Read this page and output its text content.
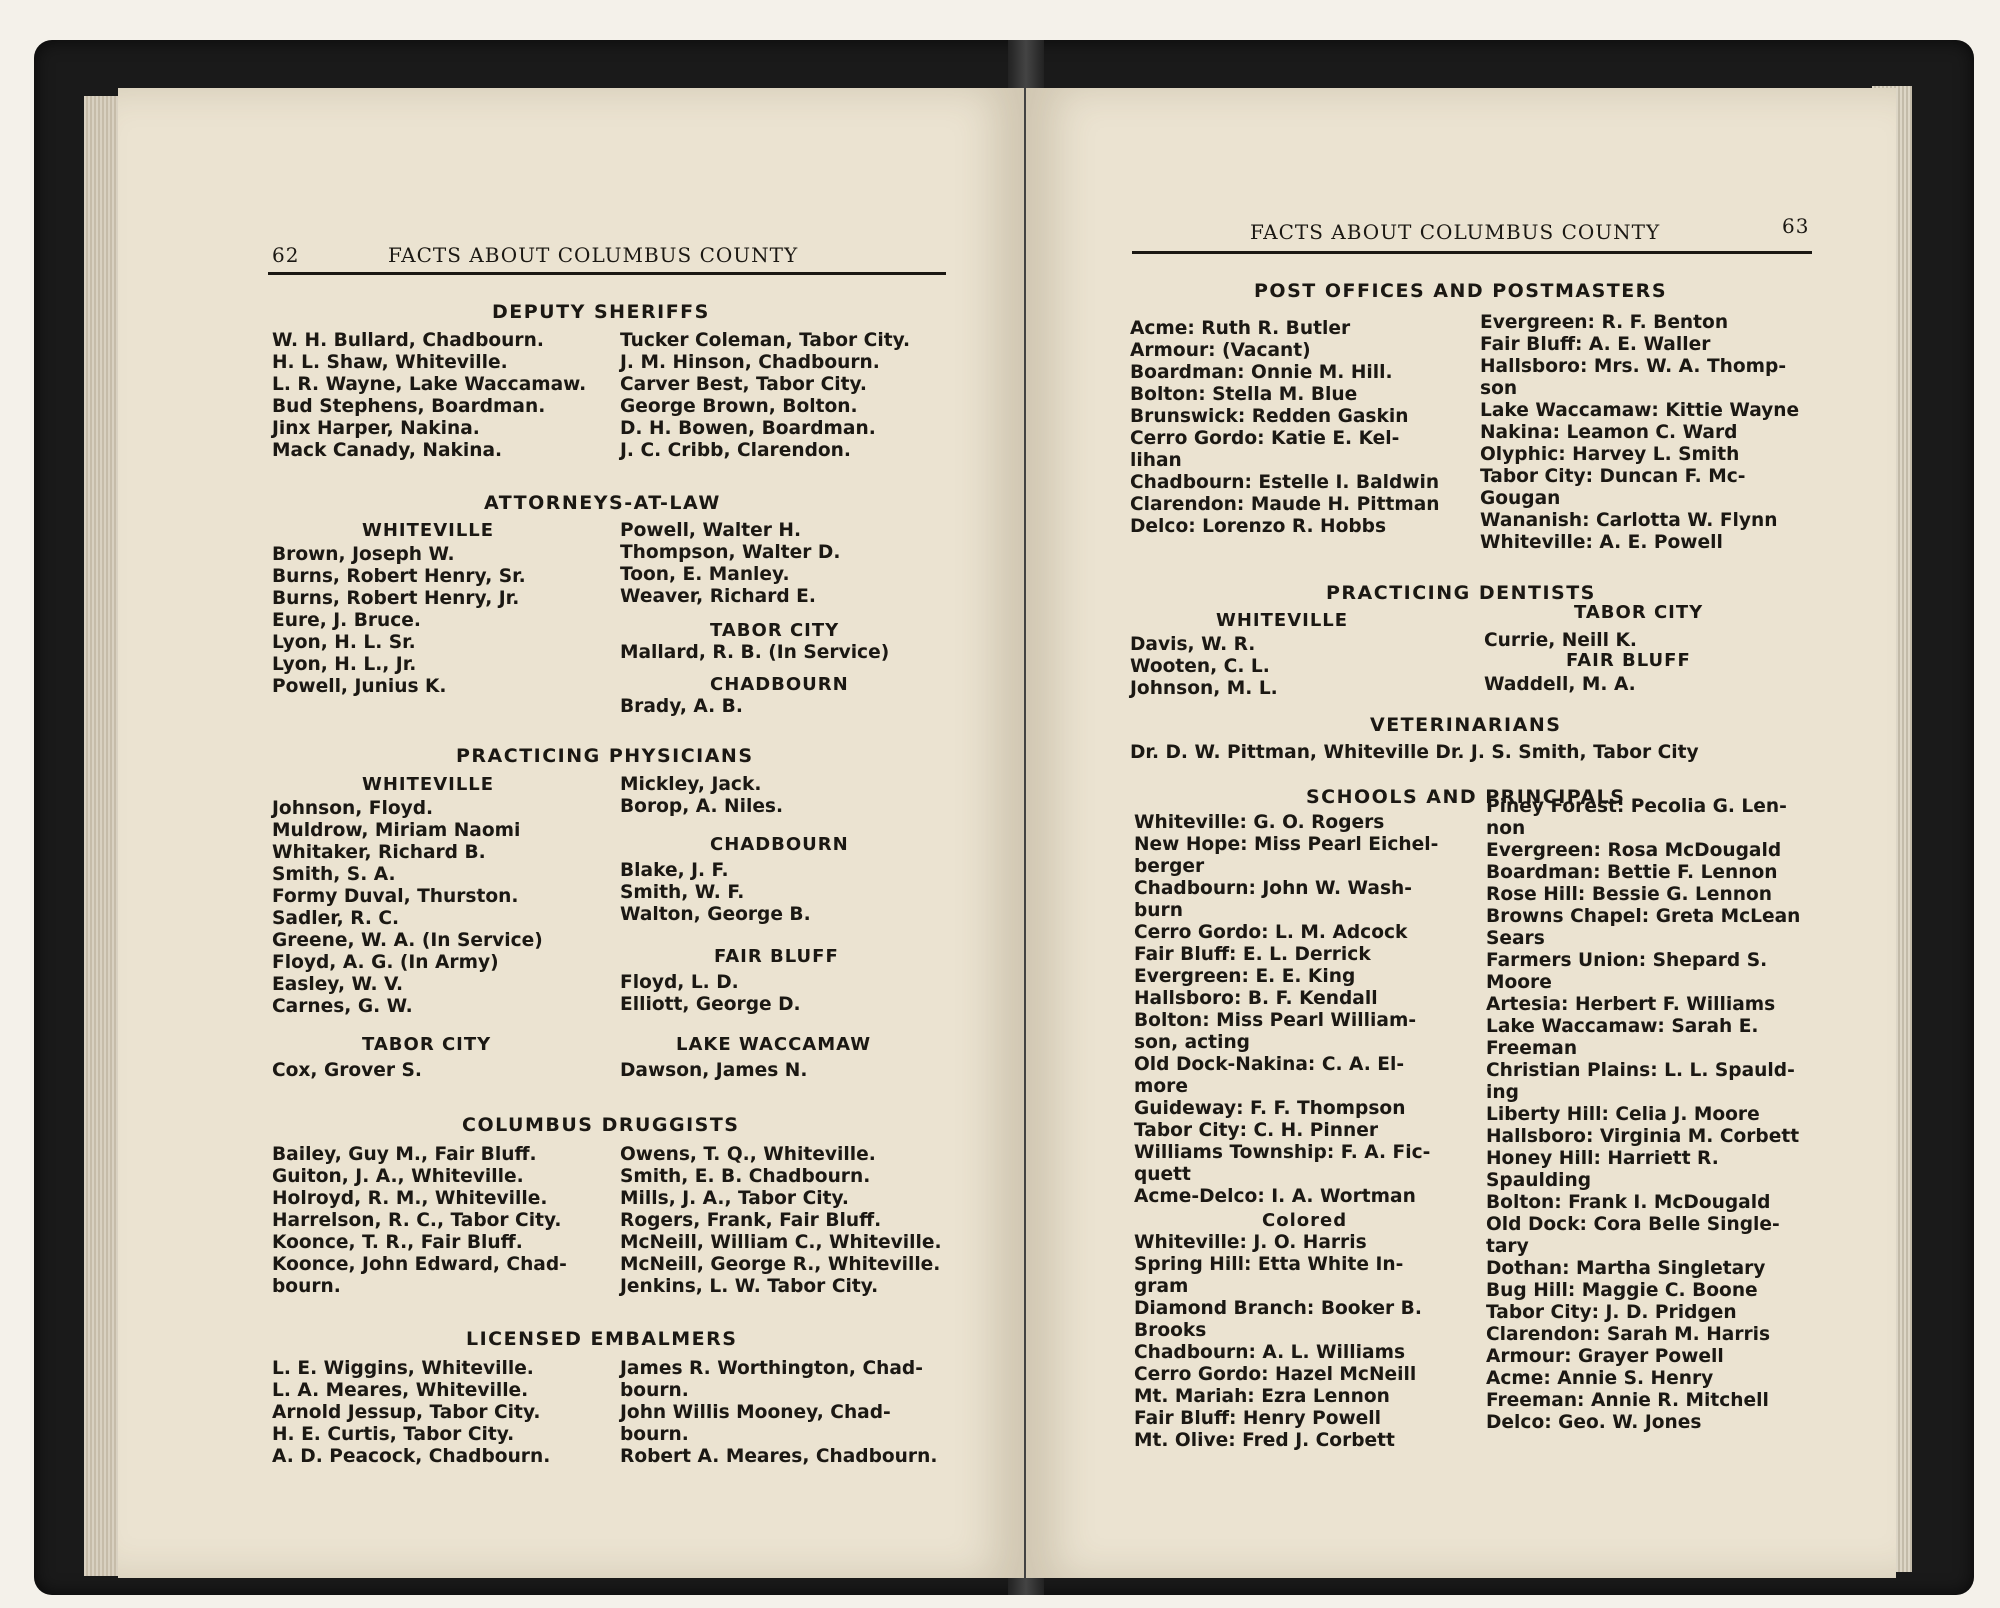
62	FACTS ABOUT COLUMBUS COUNTY
DEPUTY SHERIFFS
W. H. Bullard, Chadbourn.
H. L. Shaw, Whiteville.
L. R. Wayne, Lake Waccamaw.
Bud Stephens, Boardman.
Jinx Harper, Nakina.
Mack Canady, Nakina.
Tucker Coleman, Tabor City.
J. M. Hinson, Chadbourn.
Carver Best, Tabor City.
George Brown, Bolton.
D. H. Bowen, Boardman.
J. C. Cribb, Clarendon.
ATTORNEYS-AT-LAW
WHITEVILLE
Brown, Joseph W.
Burns, Robert Henry, Sr.
Burns, Robert Henry, Jr.
Eure, J. Bruce.
Lyon, H. L. Sr.
Lyon, H. L., Jr.
Powell, Junius K.
Powell, Walter H.
Thompson, Walter D.
Toon, E. Manley.
Weaver, Richard E.
TABOR CITY
Mallard, R. B. (In Service)
CHADBOURN
Brady, A. B.
PRACTICING PHYSICIANS
WHITEVILLE
Johnson, Floyd.
Muldrow, Miriam Naomi
Whitaker, Richard B.
Smith, S. A.
Formy Duval, Thurston.
Sadler, R. C.
Greene, W. A. (In Service)
Floyd, A. G. (In Army)
Easley, W. V.
Carnes, G. W.
Mickley, Jack.
Borop, A. Niles.
CHADBOURN
Blake, J. F.
Smith, W. F.
Walton, George B.
FAIR BLUFF
Floyd, L. D.
Elliott, George D.
TABOR CITY
Cox, Grover S.
LAKE WACCAMAW
Dawson, James N.
COLUMBUS DRUGGISTS
Bailey, Guy M., Fair Bluff.
Guiton, J. A., Whiteville.
Holroyd, R. M., Whiteville.
Harrelson, R. C., Tabor City.
Koonce, T. R., Fair Bluff.
Koonce, John Edward, Chad-
bourn.
Owens, T. Q., Whiteville.
Smith, E. B. Chadbourn.
Mills, J. A., Tabor City.
Rogers, Frank, Fair Bluff.
McNeill, William C., Whiteville.
McNeill, George R., Whiteville.
Jenkins, L. W. Tabor City.
LICENSED EMBALMERS
L. E. Wiggins, Whiteville.
L. A. Meares, Whiteville.
Arnold Jessup, Tabor City.
H. E. Curtis, Tabor City.
A. D. Peacock, Chadbourn.
James R. Worthington, Chad-
bourn.
John Willis Mooney, Chad-
bourn.
Robert A. Meares, Chadbourn.
FACTS ABOUT COLUMBUS COUNTY	63
POST OFFICES AND POSTMASTERS
Acme: Ruth R. Butler
Armour: (Vacant)
Boardman: Onnie M. Hill.
Bolton: Stella M. Blue
Brunswick: Redden Gaskin
Cerro Gordo: Katie E. Kel-
lihan
Chadbourn: Estelle I. Baldwin
Clarendon: Maude H. Pittman
Delco: Lorenzo R. Hobbs
Evergreen: R. F. Benton
Fair Bluff: A. E. Waller
Hallsboro: Mrs. W. A. Thomp-
son
Lake Waccamaw: Kittie Wayne
Nakina: Leamon C. Ward
Olyphic: Harvey L. Smith
Tabor City: Duncan F. Mc-
Gougan
Wananish: Carlotta W. Flynn
Whiteville: A. E. Powell
PRACTICING DENTISTS
WHITEVILLE
Davis, W. R.
Wooten, C. L.
Johnson, M. L.
TABOR CITY
Currie, Neill K.
FAIR BLUFF
Waddell, M. A.
VETERINARIANS
Dr. D. W. Pittman, Whiteville Dr. J. S. Smith, Tabor City
SCHOOLS AND PRINCIPALS
Whiteville: G. O. Rogers
New Hope: Miss Pearl Eichel-
berger
Chadbourn: John W. Wash-
burn
Cerro Gordo: L. M. Adcock
Fair Bluff: E. L. Derrick
Evergreen: E. E. King
Hallsboro: B. F. Kendall
Bolton: Miss Pearl William-
son, acting
Old Dock-Nakina: C. A. El-
more
Guideway: F. F. Thompson
Tabor City: C. H. Pinner
Williams Township: F. A. Fic-
quett
Acme-Delco: I. A. Wortman
Colored
Whiteville: J. O. Harris
Spring Hill: Etta White In-
gram
Diamond Branch: Booker B.
Brooks
Chadbourn: A. L. Williams
Cerro Gordo: Hazel McNeill
Mt. Mariah: Ezra Lennon
Fair Bluff: Henry Powell
Mt. Olive: Fred J. Corbett
Piney Forest: Pecolia G. Len-
non
Evergreen: Rosa McDougald
Boardman: Bettie F. Lennon
Rose Hill: Bessie G. Lennon
Browns Chapel: Greta McLean
Sears
Farmers Union: Shepard S.
Moore
Artesia: Herbert F. Williams
Lake Waccamaw: Sarah E.
Freeman
Christian Plains: L. L. Spauld-
ing
Liberty Hill: Celia J. Moore
Hallsboro: Virginia M. Corbett
Honey Hill: Harriett R.
Spaulding
Bolton: Frank I. McDougald
Old Dock: Cora Belle Single-
tary
Dothan: Martha Singletary
Bug Hill: Maggie C. Boone
Tabor City: J. D. Pridgen
Clarendon: Sarah M. Harris
Armour: Grayer Powell
Acme: Annie S. Henry
Freeman: Annie R. Mitchell
Delco: Geo. W. Jones
